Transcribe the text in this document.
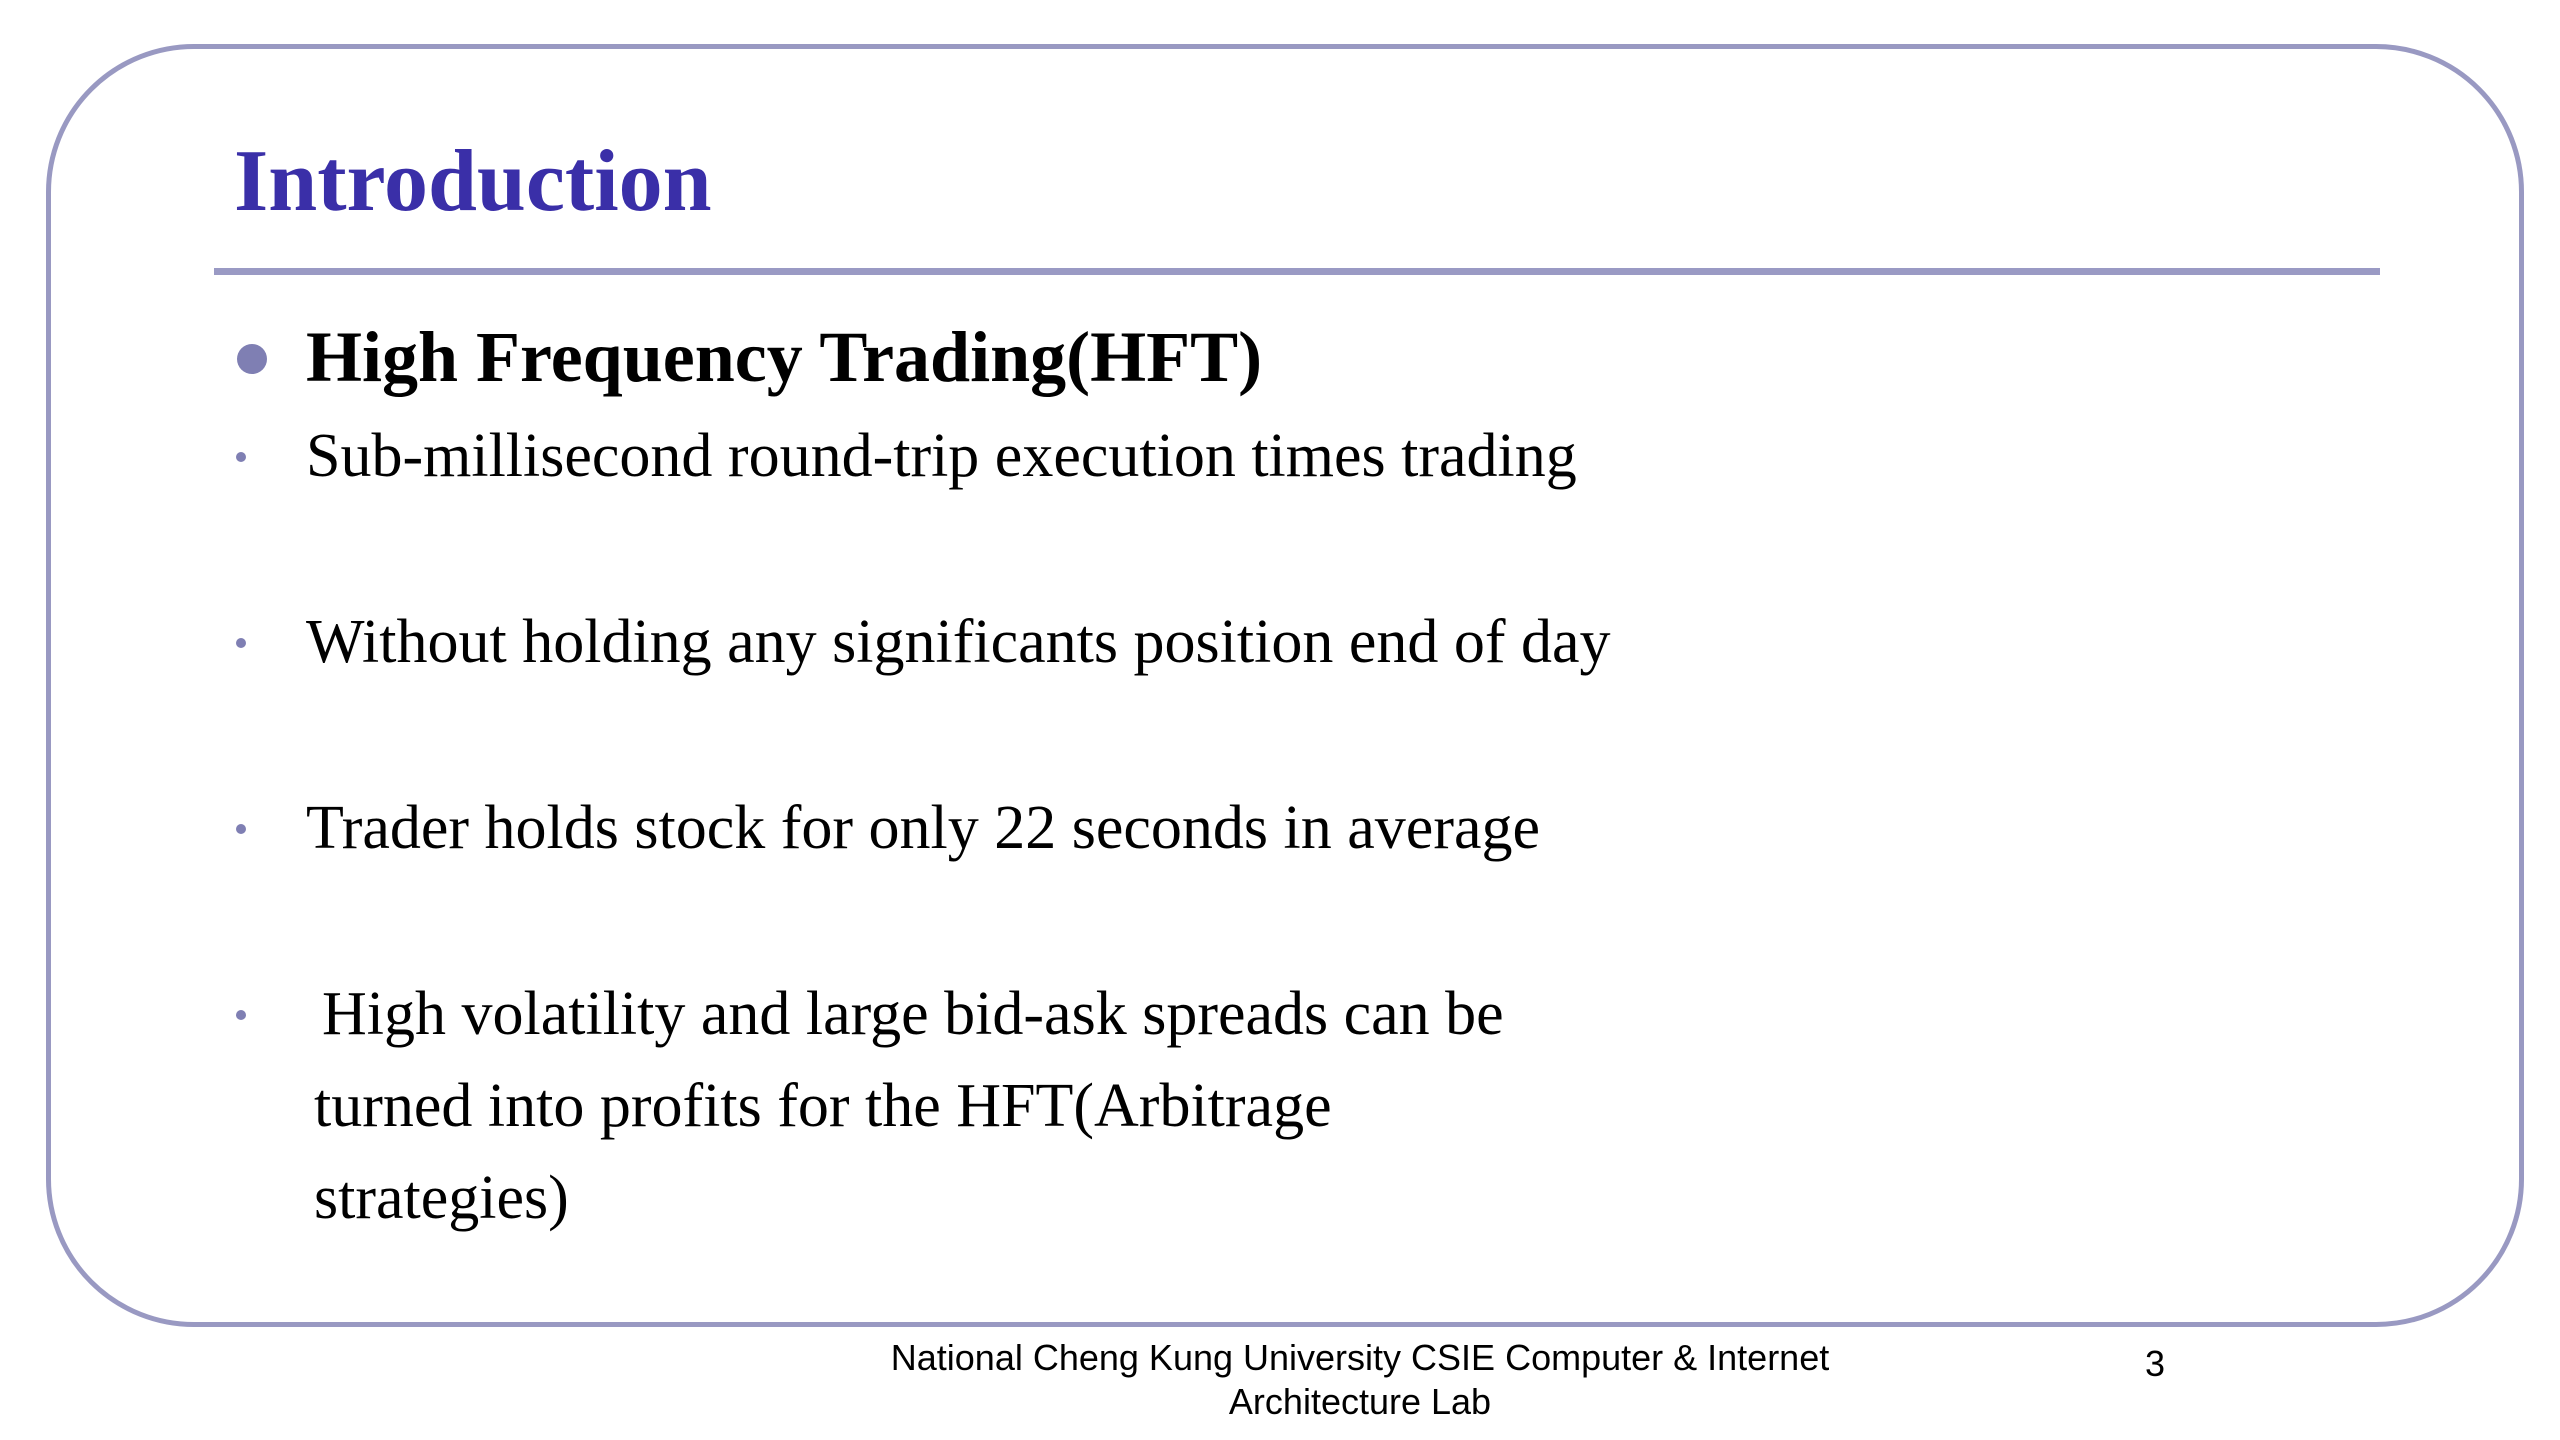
Introduction
High Frequency Trading(HFT)
Sub-millisecond round-trip execution times trading
Without holding any significants position end of day
Trader holds stock for only 22 seconds in average
High volatility and large bid-ask spreads can be
turned into profits for the HFT(Arbitrage
strategies)
National Cheng Kung University CSIE Computer & Internet
Architecture Lab
3
